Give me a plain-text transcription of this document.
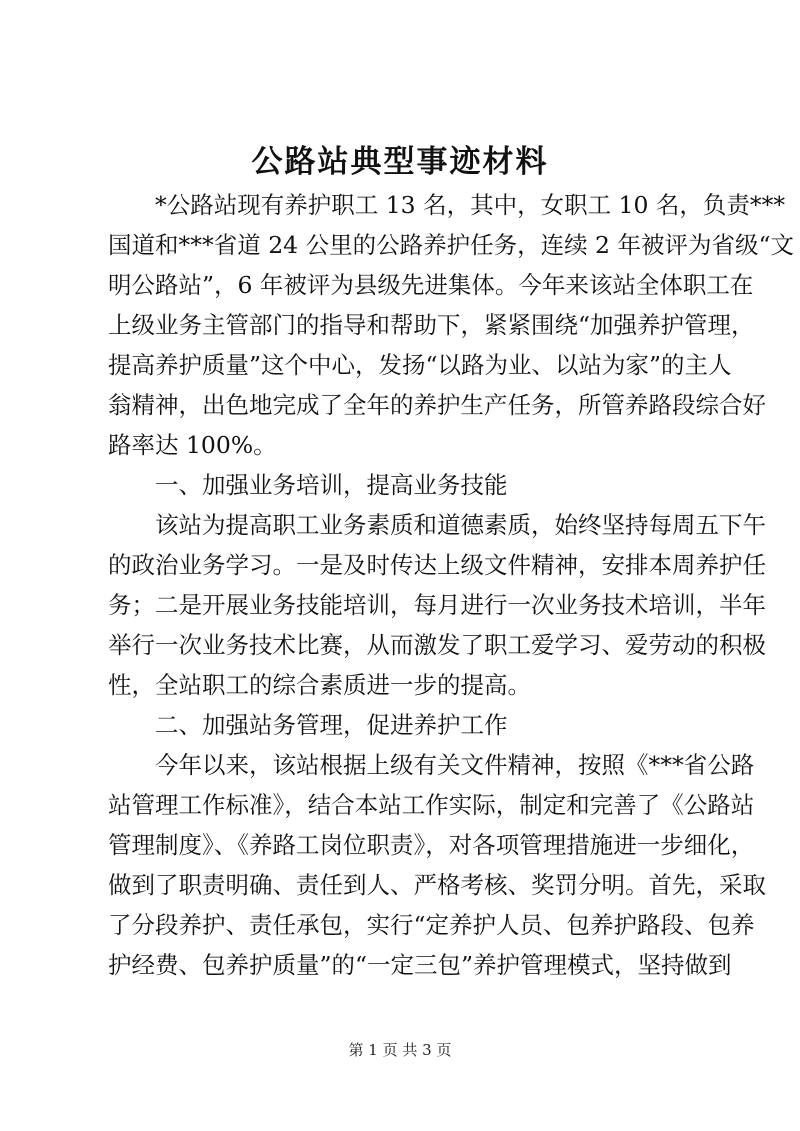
公路站典型事迹材料
*公路站现有养护职工 13 名，其中，女职工 10 名，负责***
国道和***省道 24 公里的公路养护任务，连续 2 年被评为省级“文
明公路站”，6 年被评为县级先进集体。今年来该站全体职工在
上级业务主管部门的指导和帮助下，紧紧围绕“加强养护管理，
提高养护质量”这个中心，发扬“以路为业、以站为家”的主人
翁精神，出色地完成了全年的养护生产任务，所管养路段综合好
路率达 100%。
一、加强业务培训，提高业务技能
该站为提高职工业务素质和道德素质，始终坚持每周五下午
的政治业务学习。一是及时传达上级文件精神，安排本周养护任
务；二是开展业务技能培训，每月进行一次业务技术培训，半年
举行一次业务技术比赛，从而激发了职工爱学习、爱劳动的积极
性，全站职工的综合素质进一步的提高。
二、加强站务管理，促进养护工作
今年以来，该站根据上级有关文件精神，按照《***省公路
站管理工作标准》，结合本站工作实际，制定和完善了《公路站
管理制度》、《养路工岗位职责》，对各项管理措施进一步细化，
做到了职责明确、责任到人、严格考核、奖罚分明。首先，采取
了分段养护、责任承包，实行“定养护人员、包养护路段、包养
护经费、包养护质量”的“一定三包”养护管理模式，坚持做到
第 1 页 共 3 页
